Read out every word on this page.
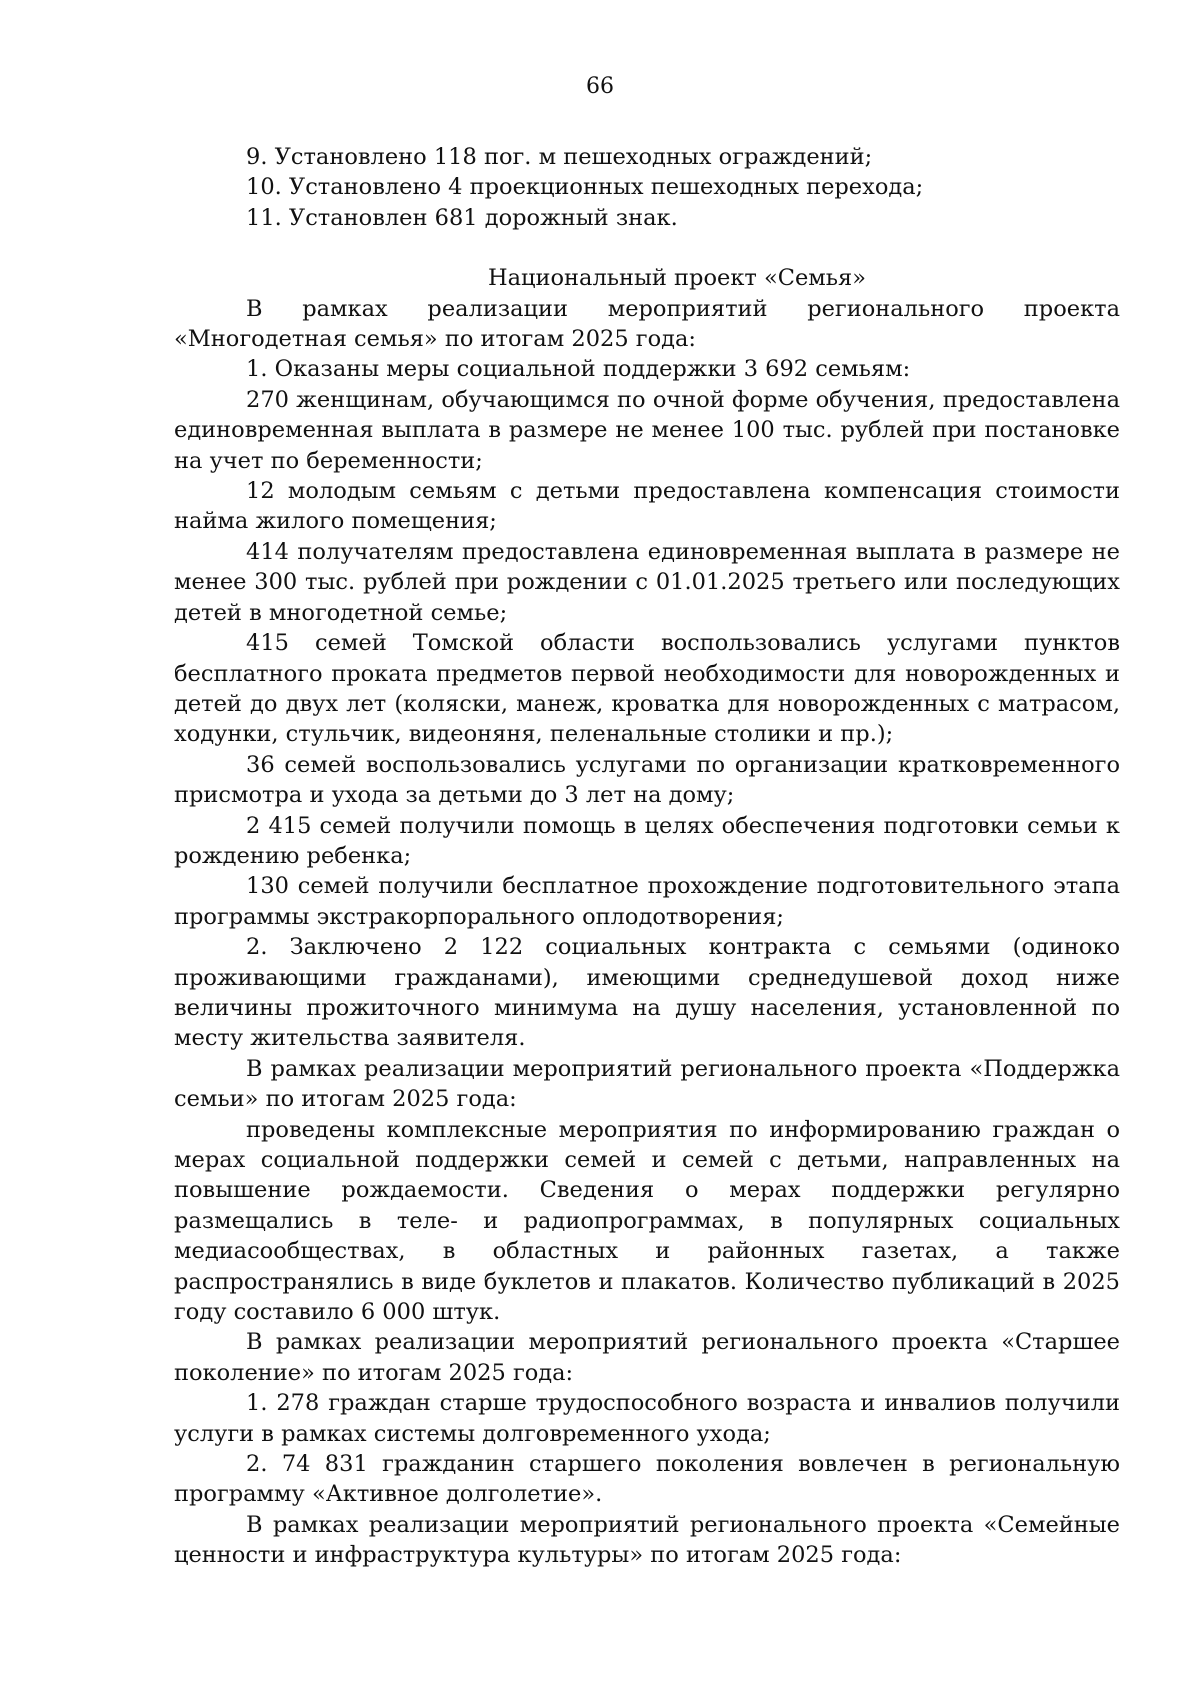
66

9. Установлено 118 пог. м пешеходных ограждений;

10. Установлено 4 проекционных пешеходных перехода;

11. Установлен 681 дорожный знак.

Национальный проект «Семья»

В рамках реализации мероприятий регионального проекта «Многодетная семья» по итогам 2025 года:

1. Оказаны меры социальной поддержки 3 692 семьям:

270 женщинам, обучающимся по очной форме обучения, предоставлена единовременная выплата в размере не менее 100 тыс. рублей при постановке на учет по беременности;

12 молодым семьям с детьми предоставлена компенсация стоимости найма жилого помещения;

414 получателям предоставлена единовременная выплата в размере не менее 300 тыс. рублей при рождении с 01.01.2025 третьего или последующих детей в многодетной семье;

415 семей Томской области воспользовались услугами пунктов бесплатного проката предметов первой необходимости для новорожденных и детей до двух лет (коляски, манеж, кроватка для новорожденных с матрасом, ходунки, стульчик, видеоняня, пеленальные столики и пр.);

36 семей воспользовались услугами по организации кратковременного присмотра и ухода за детьми до 3 лет на дому;

2 415 семей получили помощь в целях обеспечения подготовки семьи к рождению ребенка;

130 семей получили бесплатное прохождение подготовительного этапа программы экстракорпорального оплодотворения;

2. Заключено 2 122 социальных контракта с семьями (одиноко проживающими гражданами), имеющими среднедушевой доход ниже величины прожиточного минимума на душу населения, установленной по месту жительства заявителя.

В рамках реализации мероприятий регионального проекта «Поддержка семьи» по итогам 2025 года:

проведены комплексные мероприятия по информированию граждан о мерах социальной поддержки семей и семей с детьми, направленных на повышение рождаемости. Сведения о мерах поддержки регулярно размещались в теле- и радиопрограммах, в популярных социальных медиасообществах, в областных и районных газетах, а также распространялись в виде буклетов и плакатов. Количество публикаций в 2025 году составило 6 000 штук.

В рамках реализации мероприятий регионального проекта «Старшее поколение» по итогам 2025 года:

1. 278 граждан старше трудоспособного возраста и инвалиов получили услуги в рамках системы долговременного ухода;

2. 74 831 гражданин старшего поколения вовлечен в региональную программу «Активное долголетие».

В рамках реализации мероприятий регионального проекта «Семейные ценности и инфраструктура культуры» по итогам 2025 года:
